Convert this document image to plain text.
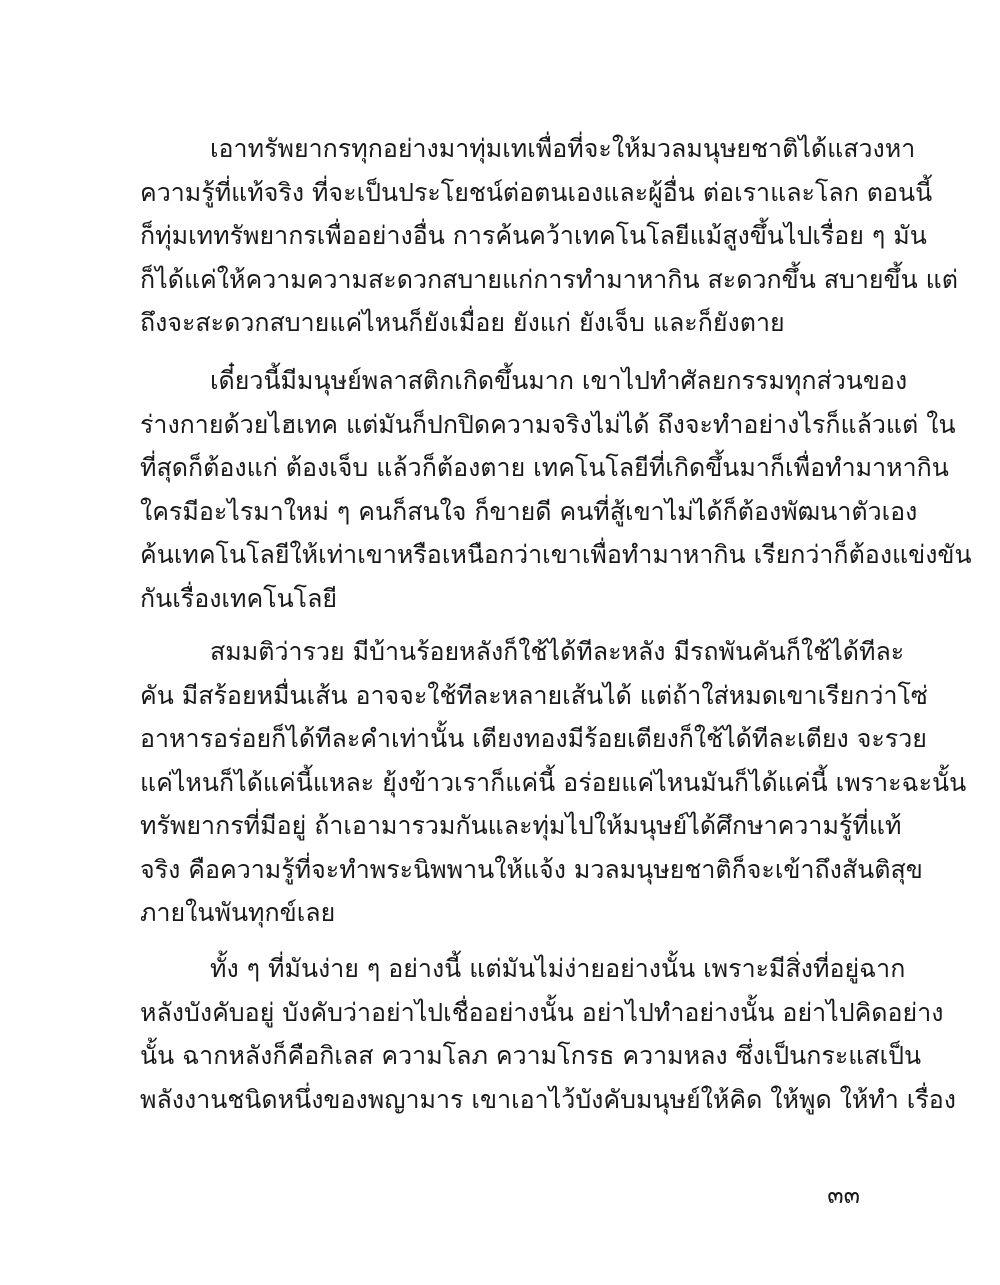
เอาทรัพยากรทุกอย่างมาทุ่มเทเพื่อที่จะให้มวลมนุษยชาติได้แสวงหา
ความรู้ที่แท้จริง ที่จะเป็นประโยชน์ต่อตนเองและผู้อื่น ต่อเราและโลก ตอนนี้
ก็ทุ่มเททรัพยากรเพื่ออย่างอื่น การค้นคว้าเทคโนโลยีแม้สูงขึ้นไปเรื่อย ๆ มัน
ก็ได้แค่ให้ความความสะดวกสบายแก่การทำมาหากิน สะดวกขึ้น สบายขึ้น แต่
ถึงจะสะดวกสบายแค่ไหนก็ยังเมื่อย ยังแก่ ยังเจ็บ และก็ยังตาย
เดี๋ยวนี้มีมนุษย์พลาสติกเกิดขึ้นมาก เขาไปทำศัลยกรรมทุกส่วนของ
ร่างกายด้วยไฮเทค แต่มันก็ปกปิดความจริงไม่ได้ ถึงจะทำอย่างไรก็แล้วแต่ ใน
ที่สุดก็ต้องแก่ ต้องเจ็บ แล้วก็ต้องตาย เทคโนโลยีที่เกิดขึ้นมาก็เพื่อทำมาหากิน
ใครมีอะไรมาใหม่ ๆ คนก็สนใจ ก็ขายดี คนที่สู้เขาไม่ได้ก็ต้องพัฒนาตัวเอง
ค้นเทคโนโลยีให้เท่าเขาหรือเหนือกว่าเขาเพื่อทำมาหากิน เรียกว่าก็ต้องแข่งขัน
กันเรื่องเทคโนโลยี
สมมติว่ารวย มีบ้านร้อยหลังก็ใช้ได้ทีละหลัง มีรถพันคันก็ใช้ได้ทีละ
คัน มีสร้อยหมื่นเส้น อาจจะใช้ทีละหลายเส้นได้ แต่ถ้าใส่หมดเขาเรียกว่าโซ่
อาหารอร่อยก็ได้ทีละคำเท่านั้น เตียงทองมีร้อยเตียงก็ใช้ได้ทีละเตียง จะรวย
แค่ไหนก็ได้แค่นี้แหละ ยุ้งข้าวเราก็แค่นี้ อร่อยแค่ไหนมันก็ได้แค่นี้ เพราะฉะนั้น
ทรัพยากรที่มีอยู่ ถ้าเอามารวมกันและทุ่มไปให้มนุษย์ได้ศึกษาความรู้ที่แท้
จริง คือความรู้ที่จะทำพระนิพพานให้แจ้ง มวลมนุษยชาติก็จะเข้าถึงสันติสุข
ภายในพันทุกข์เลย
ทั้ง ๆ ที่มันง่าย ๆ อย่างนี้ แต่มันไม่ง่ายอย่างนั้น เพราะมีสิ่งที่อยู่ฉาก
หลังบังคับอยู่ บังคับว่าอย่าไปเชื่ออย่างนั้น อย่าไปทำอย่างนั้น อย่าไปคิดอย่าง
นั้น ฉากหลังก็คือกิเลส ความโลภ ความโกรธ ความหลง ซึ่งเป็นกระแสเป็น
พลังงานชนิดหนึ่งของพญามาร เขาเอาไว้บังคับมนุษย์ให้คิด ให้พูด ให้ทำ เรื่อง
๓๓
